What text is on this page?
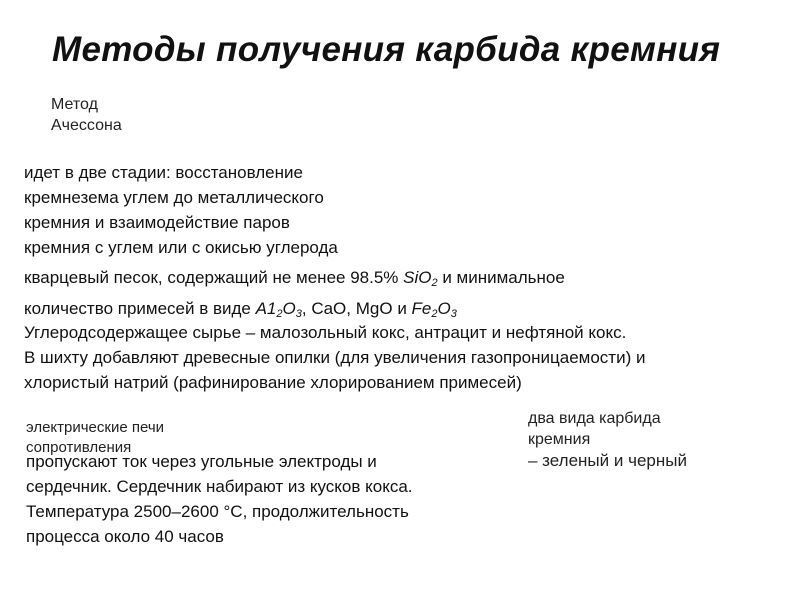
Методы получения карбида кремния
Метод
Ачессона
идет в две стадии: восстановление
кремнезема углем до металлического
кремния и взаимодействие паров
кремния с углем или с окисью углерода
кварцевый песок, содержащий не менее 98.5% SiO$_2$ и минимальное
количество примесей в виде $A1_2O_3$, CaO, MgO и $Fe_2O_3$
Углеродсодержащее сырье – малозольный кокс, антрацит и нефтяной кокс.
В шихту добавляют древесные опилки (для увеличения газопроницаемости) и
хлористый натрий (рафинирование хлорированием примесей)
электрические печи
сопротивления
пропускают ток через угольные электроды и
сердечник. Сердечник набирают из кусков кокса.
Температура 2500–2600 °С, продолжительность
процесса около 40 часов
два вида карбида
кремния
– зеленый и черный
